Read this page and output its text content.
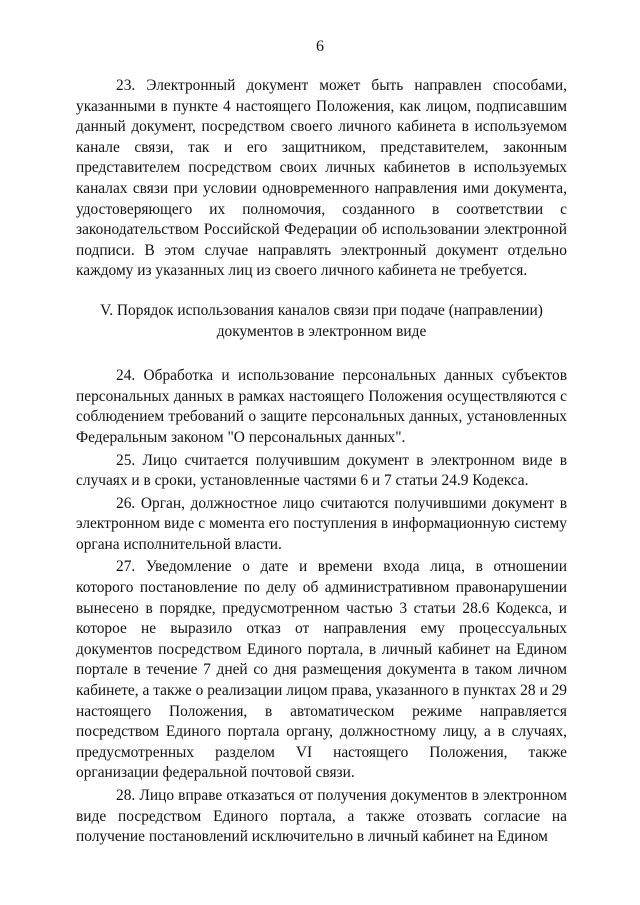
6

23. Электронный документ может быть направлен способами, указанными в пункте 4 настоящего Положения, как лицом, подписавшим данный документ, посредством своего личного кабинета в используемом канале связи, так и его защитником, представителем, законным представителем посредством своих личных кабинетов в используемых каналах связи при условии одновременного направления ими документа, удостоверяющего их полномочия, созданного в соответствии с законодательством Российской Федерации об использовании электронной подписи. В этом случае направлять электронный документ отдельно каждому из указанных лиц из своего личного кабинета не требуется.

V. Порядок использования каналов связи при подаче (направлении)
документов в электронном виде

24. Обработка и использование персональных данных субъектов персональных данных в рамках настоящего Положения осуществляются с соблюдением требований о защите персональных данных, установленных Федеральным законом "О персональных данных".

25. Лицо считается получившим документ в электронном виде в случаях и в сроки, установленные частями 6 и 7 статьи 24.9 Кодекса.

26. Орган, должностное лицо считаются получившими документ в электронном виде с момента его поступления в информационную систему органа исполнительной власти.

27. Уведомление о дате и времени входа лица, в отношении которого постановление по делу об административном правонарушении вынесено в порядке, предусмотренном частью 3 статьи 28.6 Кодекса, и которое не выразило отказ от направления ему процессуальных документов посредством Единого портала, в личный кабинет на Едином портале в течение 7 дней со дня размещения документа в таком личном кабинете, а также о реализации лицом права, указанного в пунктах 28 и 29 настоящего Положения, в автоматическом режиме направляется посредством Единого портала органу, должностному лицу, а в случаях, предусмотренных разделом VI настоящего Положения, также организации федеральной почтовой связи.

28. Лицо вправе отказаться от получения документов в электронном виде посредством Единого портала, а также отозвать согласие на получение постановлений исключительно в личный кабинет на Едином
